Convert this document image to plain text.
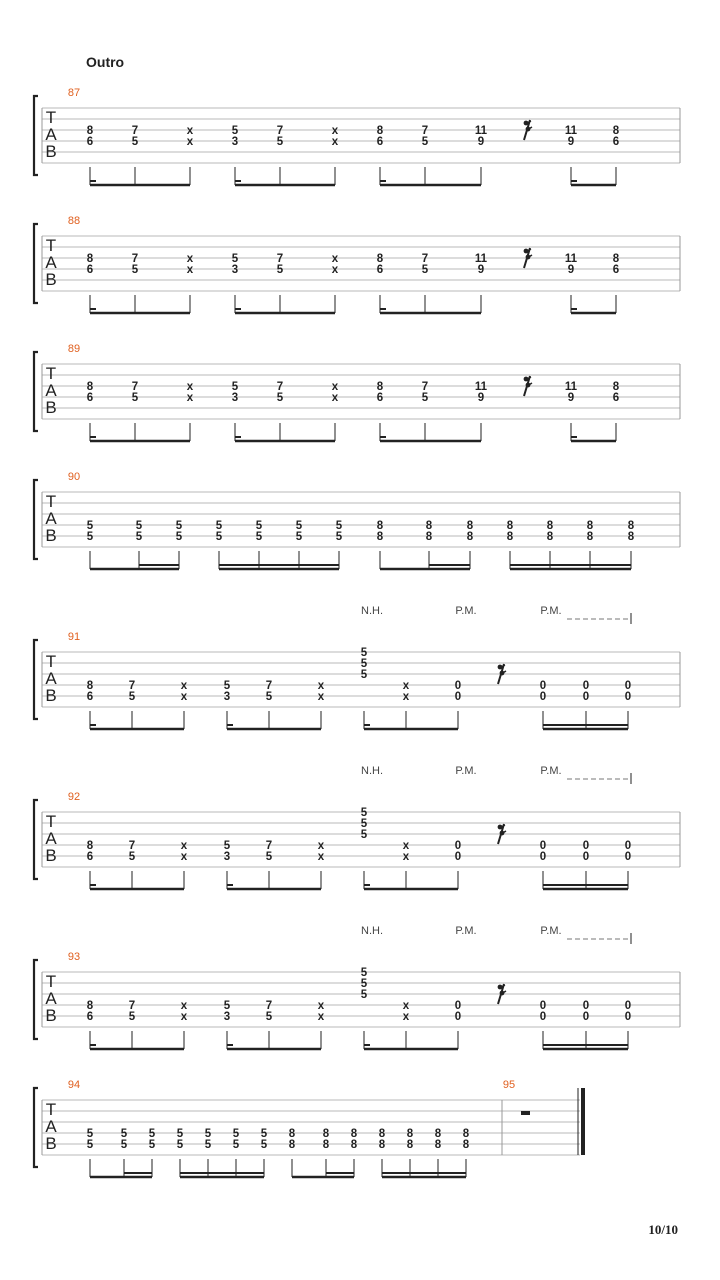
Outro
T
A
B
87
8
6
7
5
x
x
5
3
7
5
x
x
8
6
7
5
11
9
11
9
8
6
T
A
B
88
8
6
7
5
x
x
5
3
7
5
x
x
8
6
7
5
11
9
11
9
8
6
T
A
B
89
8
6
7
5
x
x
5
3
7
5
x
x
8
6
7
5
11
9
11
9
8
6
T
A
B
90
5
5
5
5
5
5
5
5
5
5
5
5
5
5
8
8
8
8
8
8
8
8
8
8
8
8
8
8
T
A
B
91
N.H.	P.M.	P.M.
8
6
7
5
x
x
5
3
7
5
x
x
5
5
5
x
x
0
0
0
0
0
0
0
0
T
A
B
92
N.H.	P.M.	P.M.
8
6
7
5
x
x
5
3
7
5
x
x
5
5
5
x
x
0
0
0
0
0
0
0
0
T
A
B
93
N.H.	P.M.	P.M.
8
6
7
5
x
x
5
3
7
5
x
x
5
5
5
x
x
0
0
0
0
0
0
0
0
T
A
B
94
5
5
5
5
5
5
5
5
5
5
5
5
5
5
8
8
8
8
8
8
8
8
8
8
8
8
8
8
95
10/10
